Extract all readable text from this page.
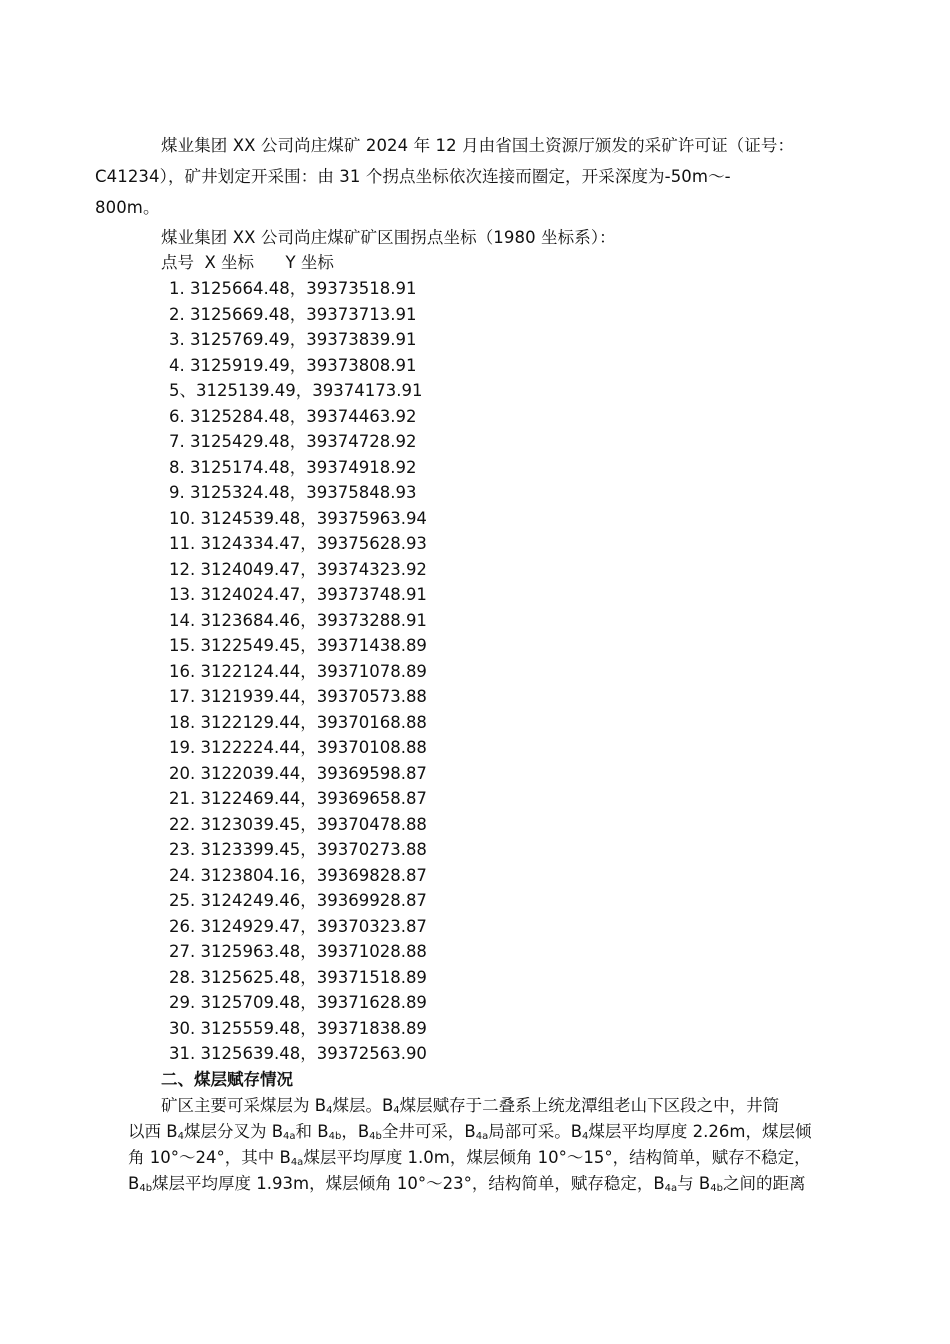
煤业集团 XX 公司尚庄煤矿 2024 年 12 月由省国土资源厅颁发的采矿许可证（证号：
C41234），矿井划定开采围：由 31 个拐点坐标依次连接而圈定，开采深度为-50m～-
800m。

煤业集团 XX 公司尚庄煤矿矿区围拐点坐标（1980 坐标系）：

点号 X 坐标 Y 坐标
1. 3125664.48，39373518.91
2. 3125669.48，39373713.91
3. 3125769.49，39373839.91
4. 3125919.49，39373808.91
5、3125139.49，39374173.91
6. 3125284.48，39374463.92
7. 3125429.48，39374728.92
8. 3125174.48，39374918.92
9. 3125324.48，39375848.93
10. 3124539.48，39375963.94
11. 3124334.47，39375628.93
12. 3124049.47，39374323.92
13. 3124024.47，39373748.91
14. 3123684.46，39373288.91
15. 3122549.45，39371438.89
16. 3122124.44，39371078.89
17. 3121939.44，39370573.88
18. 3122129.44，39370168.88
19. 3122224.44，39370108.88
20. 3122039.44，39369598.87
21. 3122469.44，39369658.87
22. 3123039.45，39370478.88
23. 3123399.45，39370273.88
24. 3123804.16，39369828.87
25. 3124249.46，39369928.87
26. 3124929.47，39370323.87
27. 3125963.48，39371028.88
28. 3125625.48，39371518.89
29. 3125709.48，39371628.89
30. 3125559.48，39371838.89
31. 3125639.48，39372563.90
二、煤层赋存情况

矿区主要可采煤层为 $B_4$煤层。$B_4$煤层赋存于二叠系上统龙潭组老山下区段之中，井筒
以西 $B_4$煤层分叉为 $B_{4a}$和 $B_{4b}$，$B_{4b}$全井可采，$B_{4a}$局部可采。$B_4$煤层平均厚度 2.26m，煤层倾
角 10°～24°，其中 $B_{4a}$煤层平均厚度 1.0m，煤层倾角 10°～15°，结构简单，赋存不稳定，
$B_{4b}$煤层平均厚度 1.93m，煤层倾角 10°～23°，结构简单，赋存稳定，$B_{4a}$与 $B_{4b}$之间的距离
